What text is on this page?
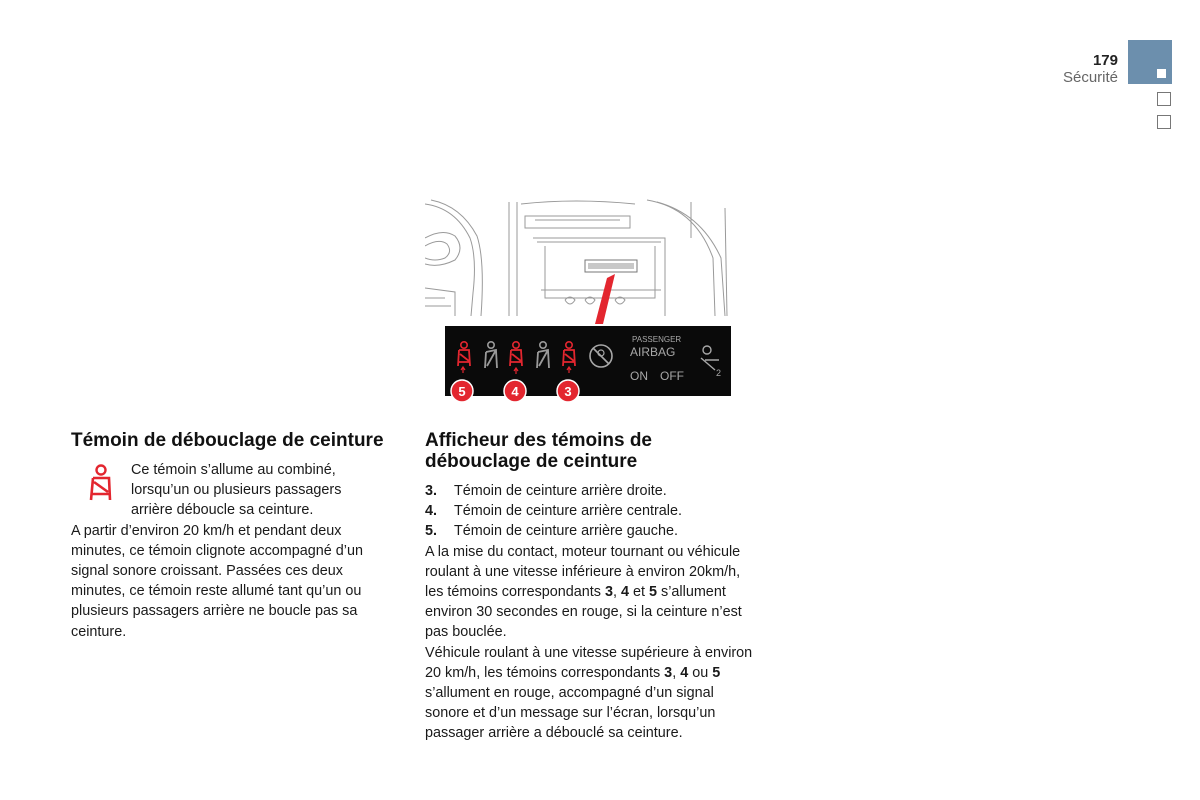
179
Sécurité
PASSENGER
AIRBAG
ON OFF	2
5	4	3
Témoin de débouclage de ceinture

Ce témoin s’allume au combiné, lorsqu’un ou plusieurs passagers arrière déboucle sa ceinture.

A partir d’environ 20 km/h et pendant deux minutes, ce témoin clignote accompagné d’un signal sonore croissant. Passées ces deux minutes, ce témoin reste allumé tant qu’un ou plusieurs passagers arrière ne boucle pas sa ceinture.

Afficheur des témoins de débouclage de ceinture
3.	Témoin de ceinture arrière droite.
4.	Témoin de ceinture arrière centrale.
5.	Témoin de ceinture arrière gauche.

A la mise du contact, moteur tournant ou véhicule roulant à une vitesse inférieure à environ 20km/h, les témoins correspondants 3, 4 et 5 s’allument environ 30 secondes en rouge, si la ceinture n’est pas bouclée.

Véhicule roulant à une vitesse supérieure à environ 20 km/h, les témoins correspondants 3, 4 ou 5 s’allument en rouge, accompagné d’un signal sonore et d’un message sur l’écran, lorsqu’un passager arrière a débouclé sa ceinture.
